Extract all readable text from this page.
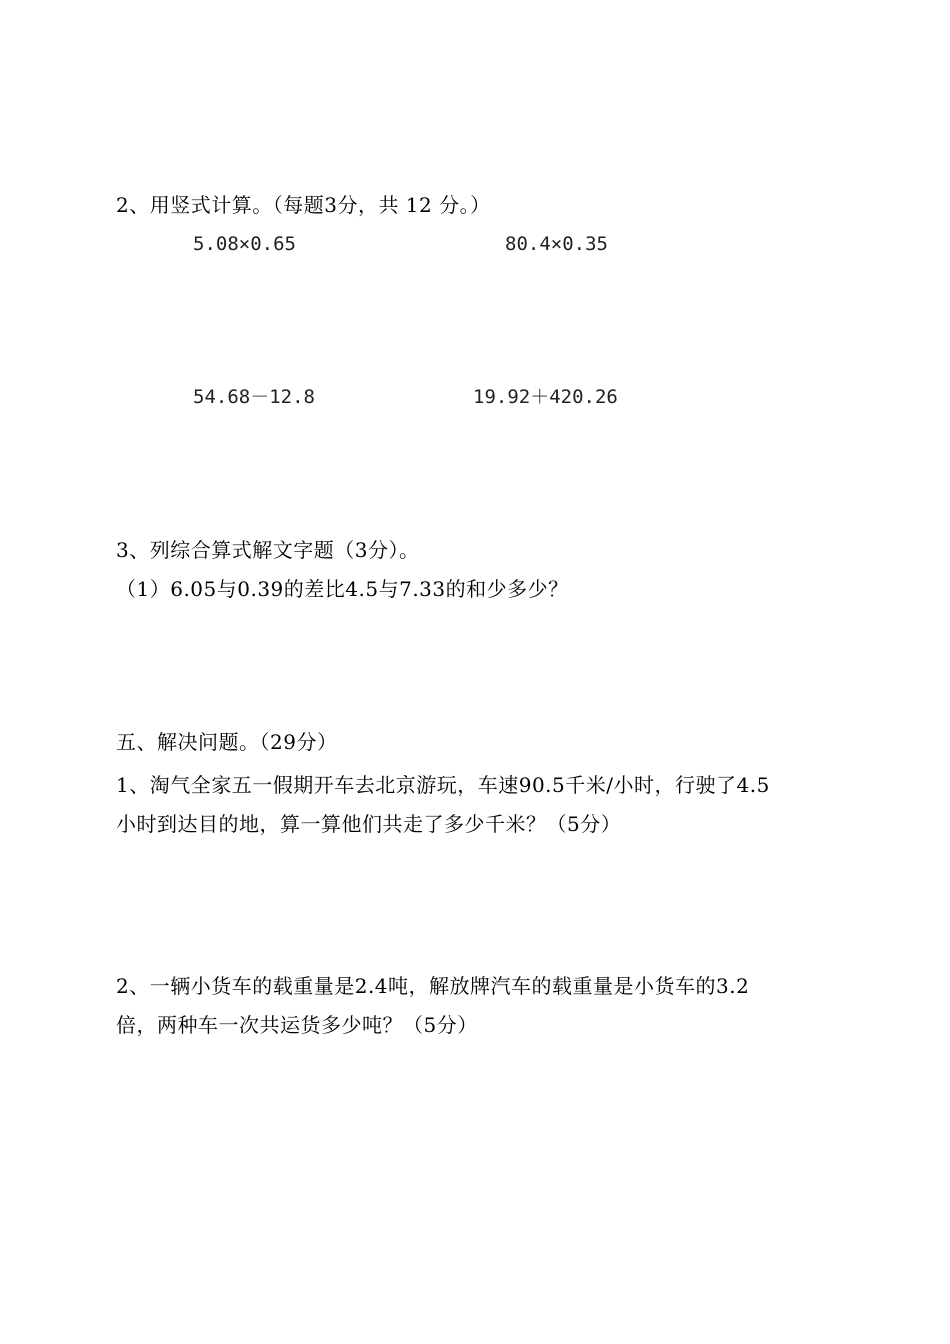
2、用竖式计算。（每题3分，共 12 分。）
5.08×0.65	80.4×0.35
54.68－12.8	19.92＋420.26
3、列综合算式解文字题（3分）。
（1）6.05与0.39的差比4.5与7.33的和少多少？
五、解决问题。（29分）
1、淘气全家五一假期开车去北京游玩，车速90.5千米/小时，行驶了4.5
小时到达目的地，算一算他们共走了多少千米？（5分）
2、一辆小货车的载重量是2.4吨，解放牌汽车的载重量是小货车的3.2
倍，两种车一次共运货多少吨？（5分）
